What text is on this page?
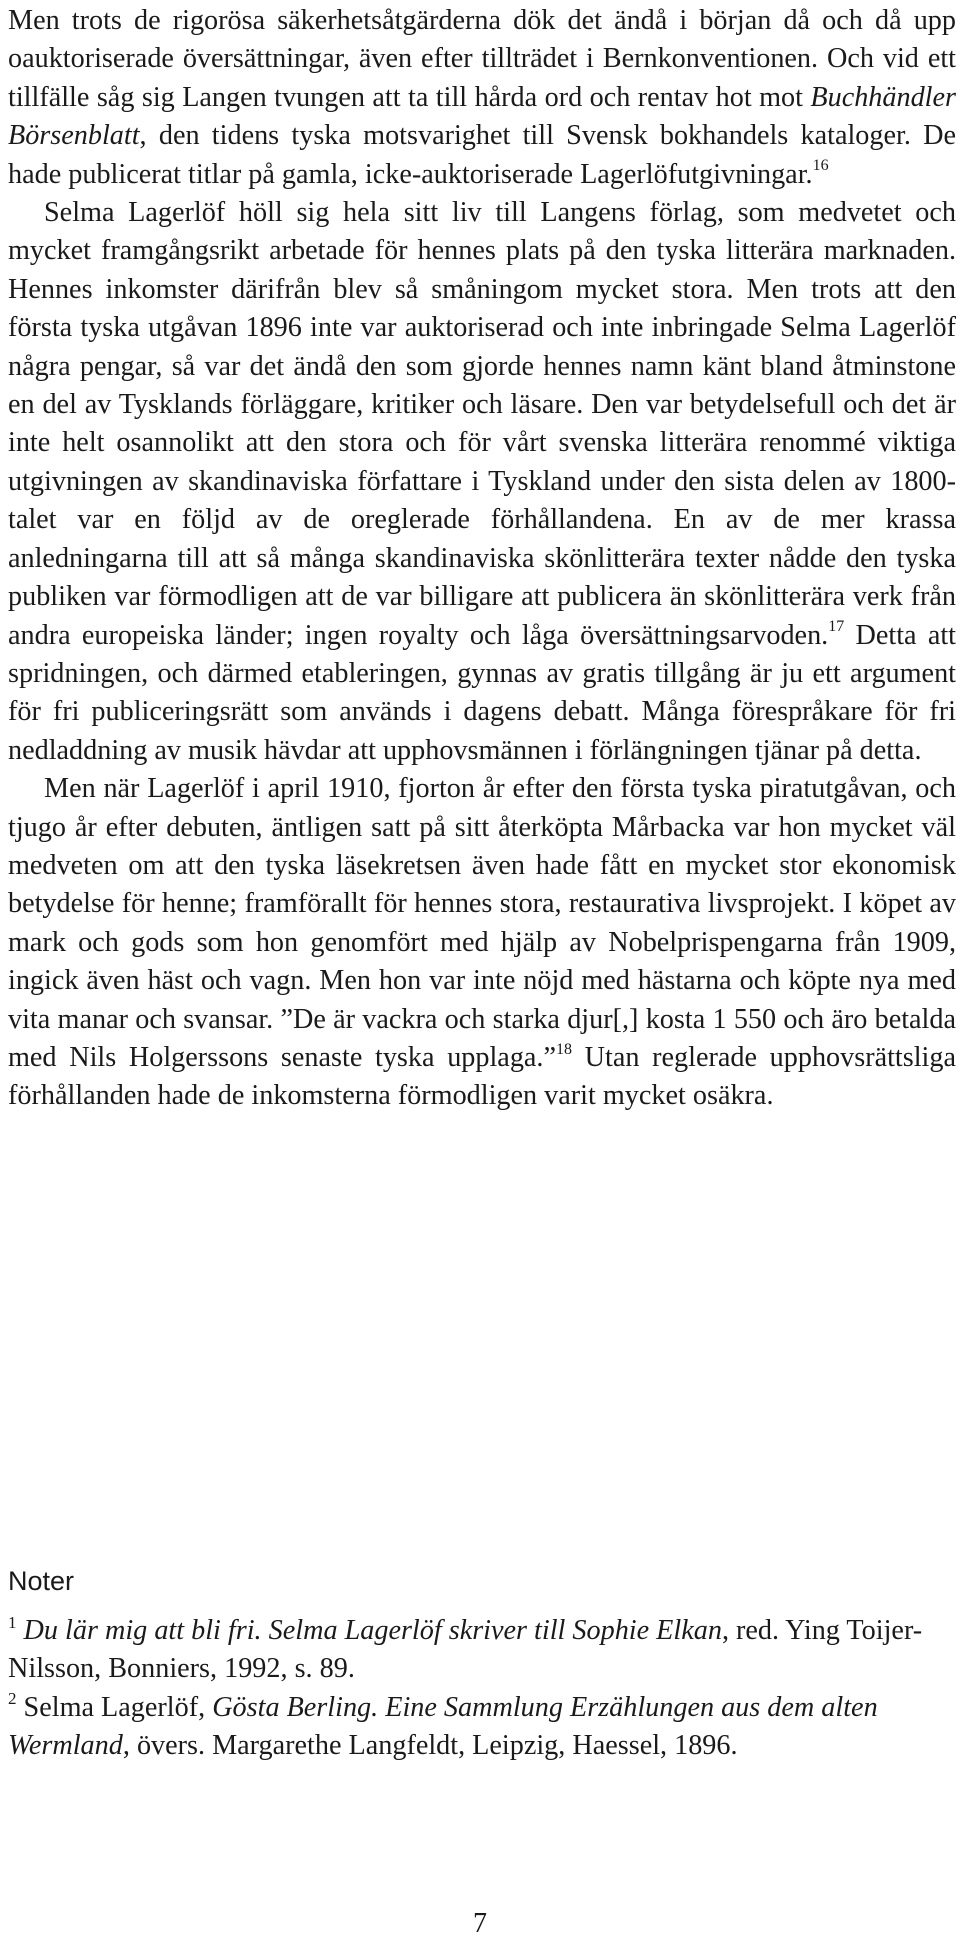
Men trots de rigorösa säkerhetsåtgärderna dök det ändå i början då och då upp oauktoriserade översättningar, även efter tillträdet i Bernkonventionen. Och vid ett tillfälle såg sig Langen tvungen att ta till hårda ord och rentav hot mot Buchhändler Börsenblatt, den tidens tyska motsvarighet till Svensk bokhandels kataloger. De hade publicerat titlar på gamla, icke-auktoriserade Lagerlöfutgivningar.$^{16}$

Selma Lagerlöf höll sig hela sitt liv till Langens förlag, som medvetet och mycket framgångsrikt arbetade för hennes plats på den tyska litterära marknaden. Hennes inkomster därifrån blev så småningom mycket stora. Men trots att den första tyska utgåvan 1896 inte var auktoriserad och inte inbringade Selma Lagerlöf några pengar, så var det ändå den som gjorde hennes namn känt bland åtminstone en del av Tysklands förläggare, kritiker och läsare. Den var betydelsefull och det är inte helt osannolikt att den stora och för vårt svenska litterära renommé viktiga utgivningen av skandinaviska författare i Tyskland under den sista delen av 1800-talet var en följd av de oreglerade förhållandena. En av de mer krassa anledningarna till att så många skandinaviska skönlitterära texter nådde den tyska publiken var förmodligen att de var billigare att publicera än skönlitterära verk från andra europeiska länder; ingen royalty och låga översättningsarvoden.$^{17}$ Detta att spridningen, och därmed etableringen, gynnas av gratis tillgång är ju ett argument för fri publiceringsrätt som används i dagens debatt. Många förespråkare för fri nedladdning av musik hävdar att upphovsmännen i förlängningen tjänar på detta.

Men när Lagerlöf i april 1910, fjorton år efter den första tyska piratutgåvan, och tjugo år efter debuten, äntligen satt på sitt återköpta Mårbacka var hon mycket väl medveten om att den tyska läsekretsen även hade fått en mycket stor ekonomisk betydelse för henne; framförallt för hennes stora, restaurativa livsprojekt. I köpet av mark och gods som hon genomfört med hjälp av Nobelprispengarna från 1909, ingick även häst och vagn. Men hon var inte nöjd med hästarna och köpte nya med vita manar och svansar. ”De är vackra och starka djur[,] kosta 1 550 och äro betalda med Nils Holgerssons senaste tyska upplaga.”$^{18}$ Utan reglerade upphovsrättsliga förhållanden hade de inkomsterna förmodligen varit mycket osäkra.

Noter

$^1$ Du lär mig att bli fri. Selma Lagerlöf skriver till Sophie Elkan, red. Ying Toijer-Nilsson, Bonniers, 1992, s. 89.

$^2$ Selma Lagerlöf, Gösta Berling. Eine Sammlung Erzählungen aus dem alten Wermland, övers. Margarethe Langfeldt, Leipzig, Haessel, 1896.

7
